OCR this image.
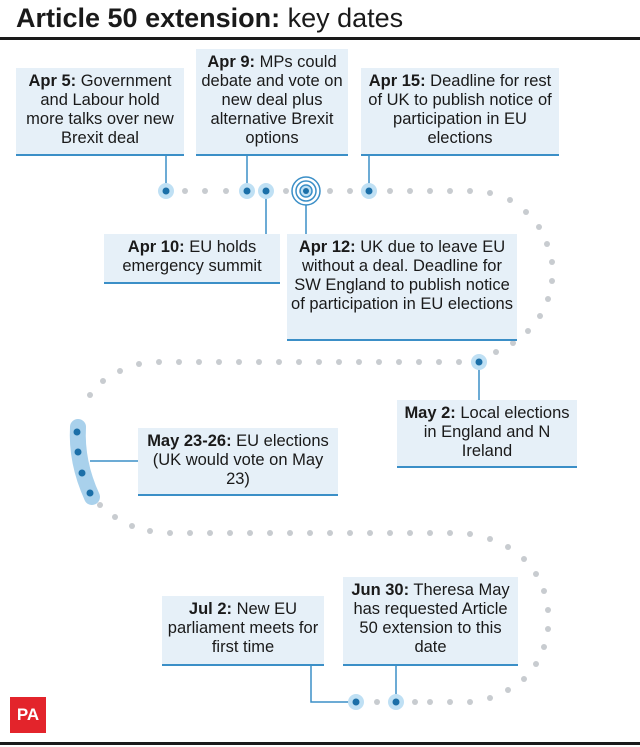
Article 50 extension: key dates
Apr 5: Government and Labour hold more talks over new Brexit deal
Apr 9: MPs could debate and vote on new deal plus alternative Brexit options
Apr 15: Deadline for rest of UK to publish notice of participation in EU elections
Apr 10: EU holds emergency summit
Apr 12: UK due to leave EU without a deal. Deadline for SW England to publish notice of participation in EU elections
May 2: Local elections in England and N Ireland
May 23-26: EU elections (UK would vote on May 23)
Jul 2: New EU parliament meets for first time
Jun 30: Theresa May has requested Article 50 extension to this date
PA
